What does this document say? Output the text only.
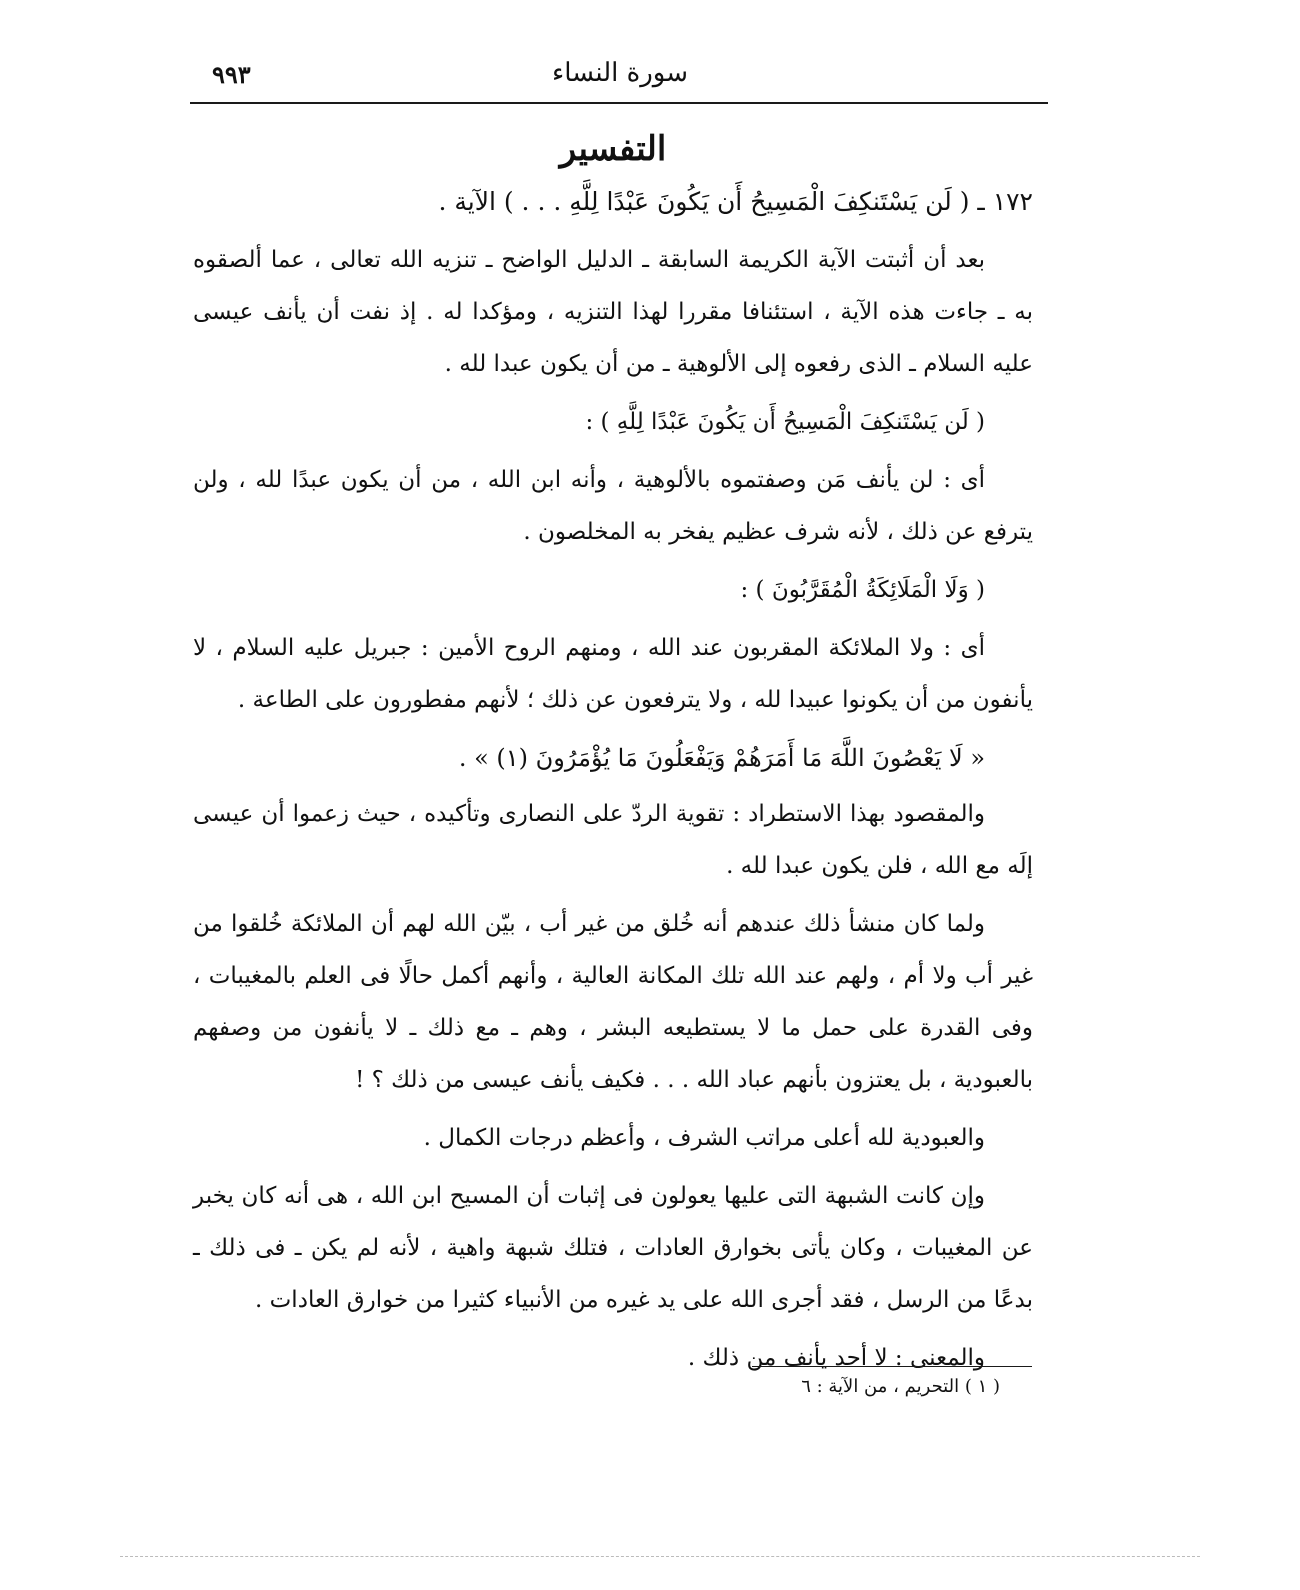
٩٩٣	سورة النساء
التفسير
١٧٢ ـ ( لَن يَسْتَنكِفَ الْمَسِيحُ أَن يَكُونَ عَبْدًا لِلَّهِ . . . ) الآية .
بعد أن أثبتت الآية الكريمة السابقة ـ الدليل الواضح ـ تنزيه الله تعالى ، عما ألصقوه به ـ جاءت هذه الآية ، استئنافا مقررا لهذا التنزيه ، ومؤكدا له . إذ نفت أن يأنف عيسى عليه السلام ـ الذى رفعوه إلى الألوهية ـ من أن يكون عبدا لله .
( لَن يَسْتَنكِفَ الْمَسِيحُ أَن يَكُونَ عَبْدًا لِلَّهِ ) :
أى : لن يأنف مَن وصفتموه بالألوهية ، وأنه ابن الله ، من أن يكون عبدًا لله ، ولن يترفع عن ذلك ، لأنه شرف عظيم يفخر به المخلصون .
( وَلَا الْمَلَائِكَةُ الْمُقَرَّبُونَ ) :
أى : ولا الملائكة المقربون عند الله ، ومنهم الروح الأمين : جبريل عليه السلام ، لا يأنفون من أن يكونوا عبيدا لله ، ولا يترفعون عن ذلك ؛ لأنهم مفطورون على الطاعة .
« لَا يَعْصُونَ اللَّهَ مَا أَمَرَهُمْ وَيَفْعَلُونَ مَا يُؤْمَرُونَ (١) » .
والمقصود بهذا الاستطراد : تقوية الردّ على النصارى وتأكيده ، حيث زعموا أن عيسى إلَه مع الله ، فلن يكون عبدا لله .
ولما كان منشأ ذلك عندهم أنه خُلق من غير أب ، بيّن الله لهم أن الملائكة خُلقوا من غير أب ولا أم ، ولهم عند الله تلك المكانة العالية ، وأنهم أكمل حالًا فى العلم بالمغيبات ، وفى القدرة على حمل ما لا يستطيعه البشر ، وهم ـ مع ذلك ـ لا يأنفون من وصفهم بالعبودية ، بل يعتزون بأنهم عباد الله . . . فكيف يأنف عيسى من ذلك ؟ !
والعبودية لله أعلى مراتب الشرف ، وأعظم درجات الكمال .
وإن كانت الشبهة التى عليها يعولون فى إثبات أن المسيح ابن الله ، هى أنه كان يخبر عن المغيبات ، وكان يأتى بخوارق العادات ، فتلك شبهة واهية ، لأنه لم يكن ـ فى ذلك ـ بدعًا من الرسل ، فقد أجرى الله على يد غيره من الأنبياء كثيرا من خوارق العادات .
والمعنى : لا أحد يأنف من ذلك .
( ١ ) التحريم ، من الآية : ٦
